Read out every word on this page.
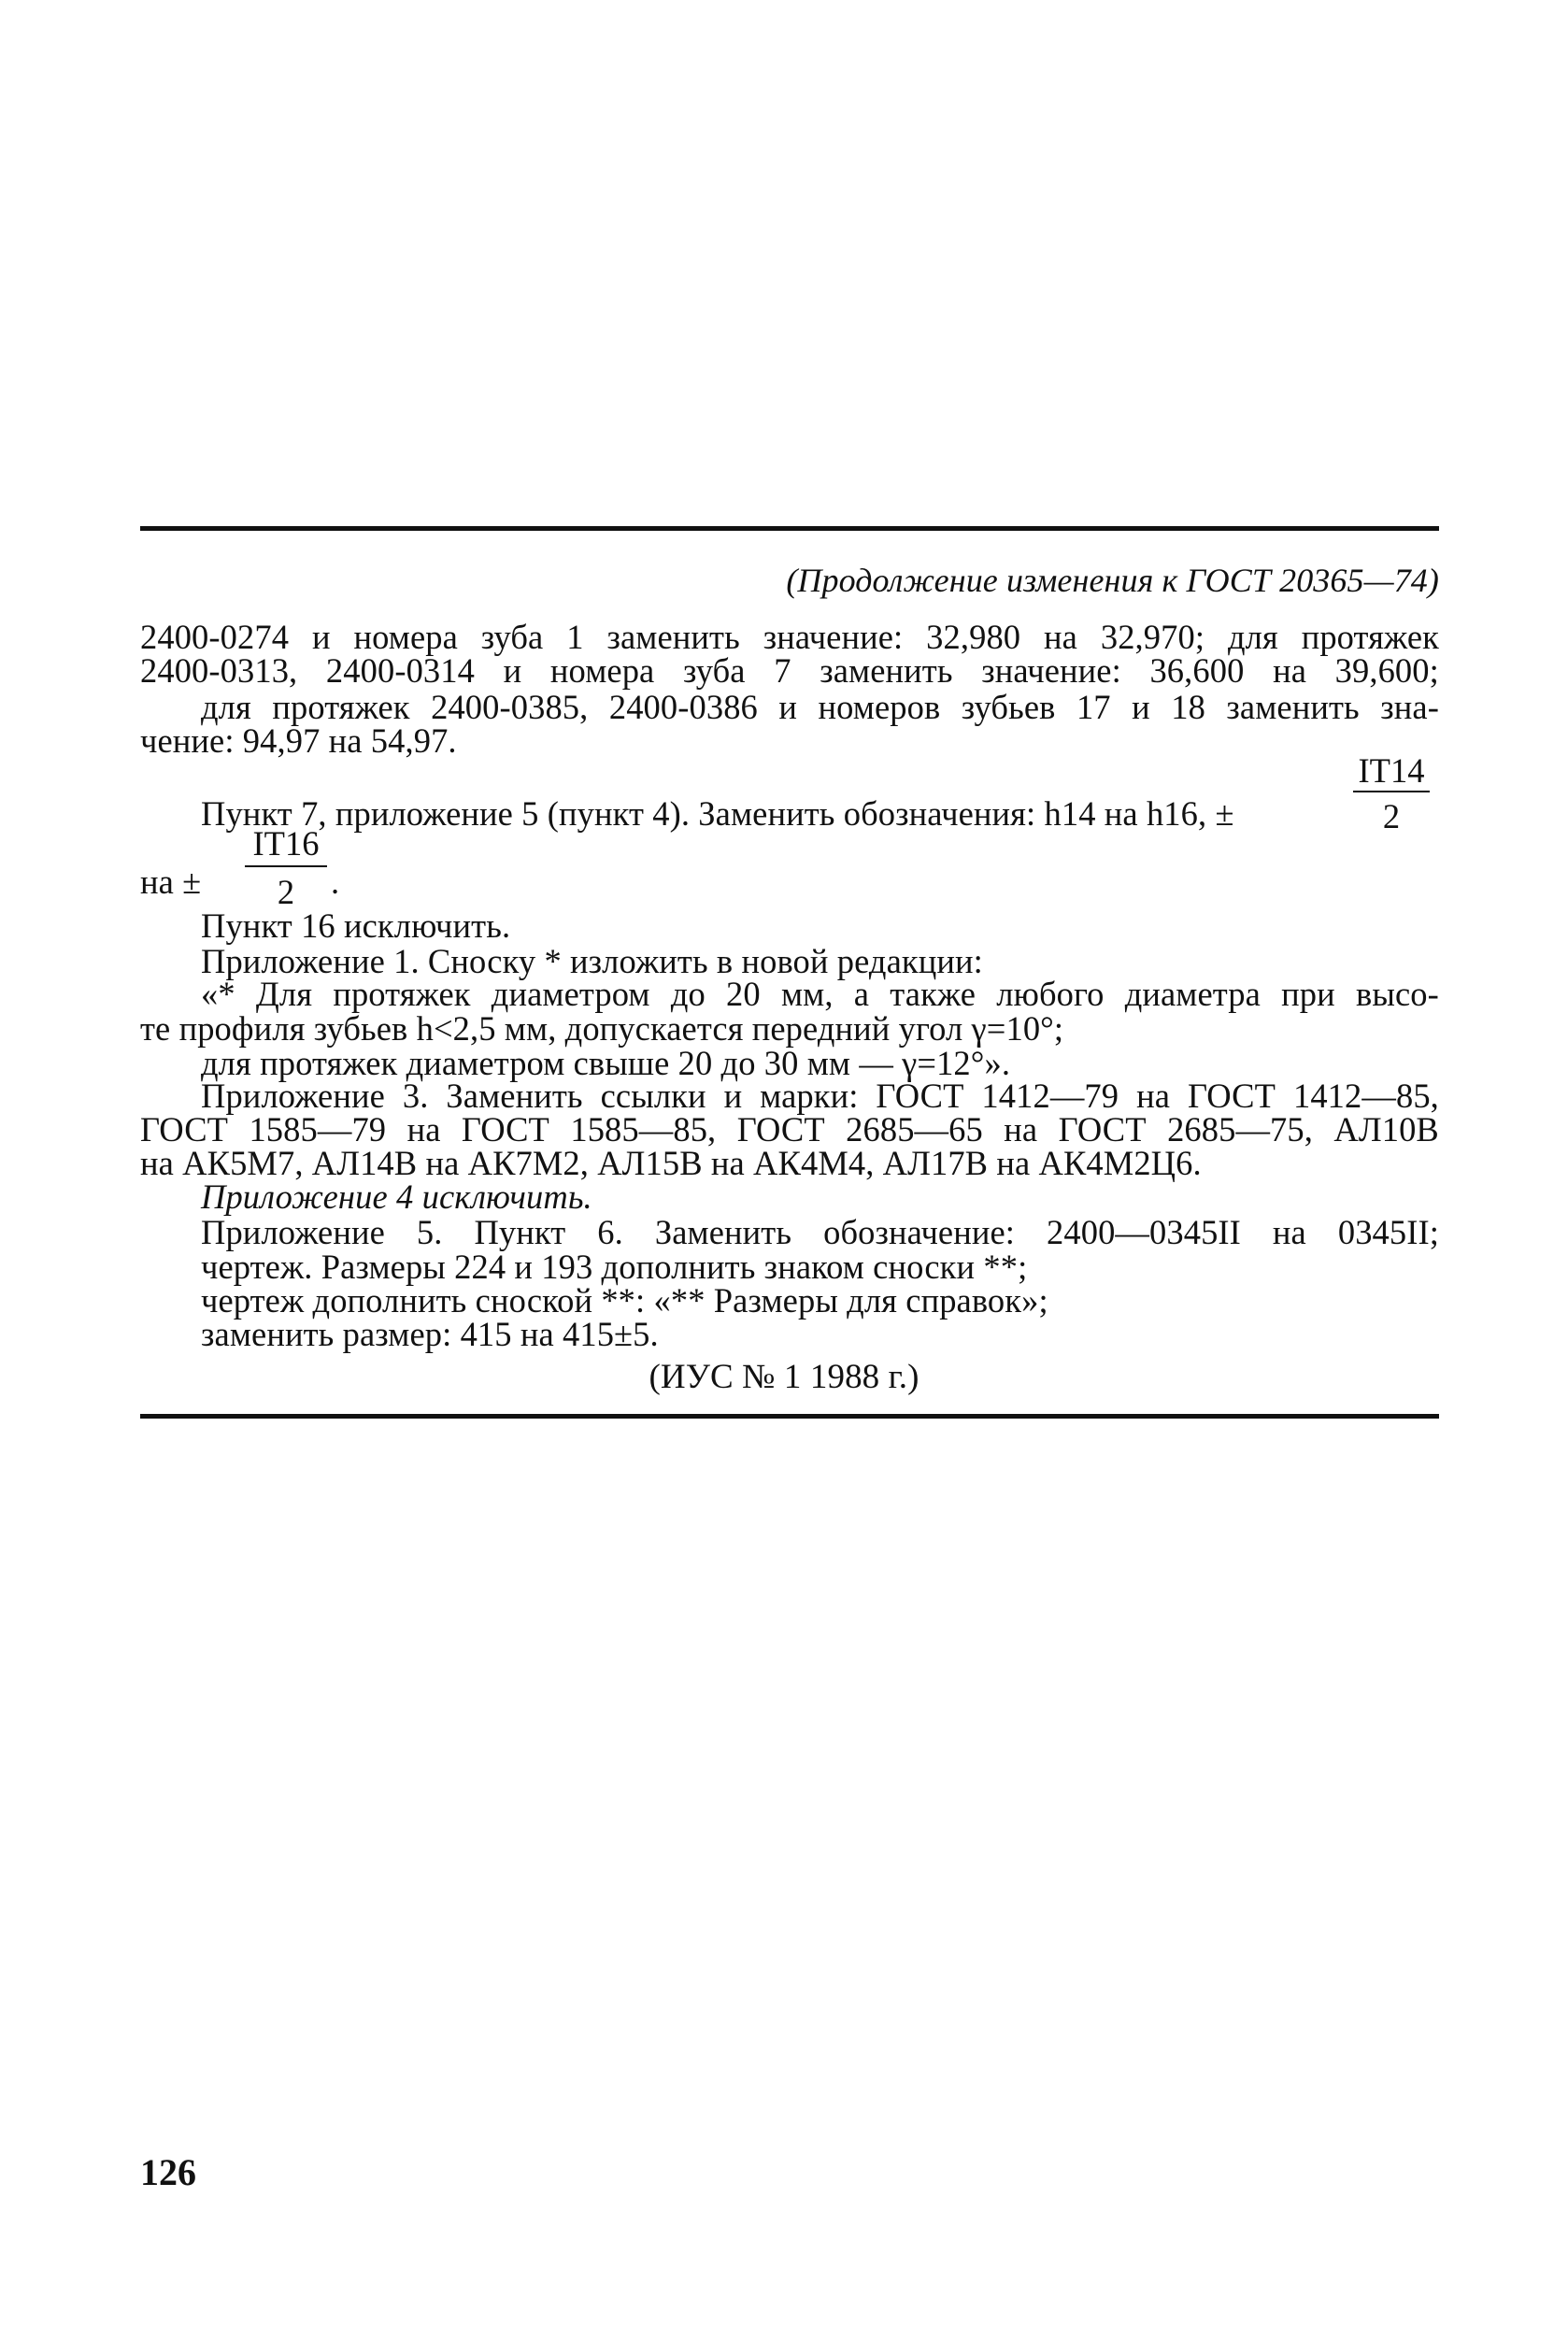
(Продолжение изменения к ГОСТ 20365—74)
2400-0274 и номера зуба 1 заменить значение: 32,980 на 32,970; для протяжек
2400-0313, 2400-0314 и номера зуба 7 заменить значение: 36,600 на 39,600;
для протяжек 2400-0385, 2400-0386 и номеров зубьев 17 и 18 заменить зна-
чение: 94,97 на 54,97.
Пункт 7, приложение 5 (пункт 4). Заменить обозначения: h14 на h16, ±
IT14
2
на ±
IT16
2	.
Пункт 16 исключить.
Приложение 1. Сноску * изложить в новой редакции:
«* Для протяжек диаметром до 20 мм, а также любого диаметра при высо-
те профиля зубьев h<2,5 мм, допускается передний угол γ=10°;
для протяжек диаметром свыше 20 до 30 мм — γ=12°».
Приложение 3. Заменить ссылки и марки: ГОСТ 1412—79 на ГОСТ 1412—85,
ГОСТ 1585—79 на ГОСТ 1585—85, ГОСТ 2685—65 на ГОСТ 2685—75, АЛ10В
на АК5М7, АЛ14В на АК7М2, АЛ15В на АК4М4, АЛ17В на АК4М2Ц6.
Приложение 4 исключить.
Приложение 5. Пункт 6. Заменить обозначение: 2400—0345II на 0345II;
чертеж. Размеры 224 и 193 дополнить знаком сноски **;
чертеж дополнить сноской **: «** Размеры для справок»;
заменить размер: 415 на 415±5.
(ИУС № 1 1988 г.)
126
